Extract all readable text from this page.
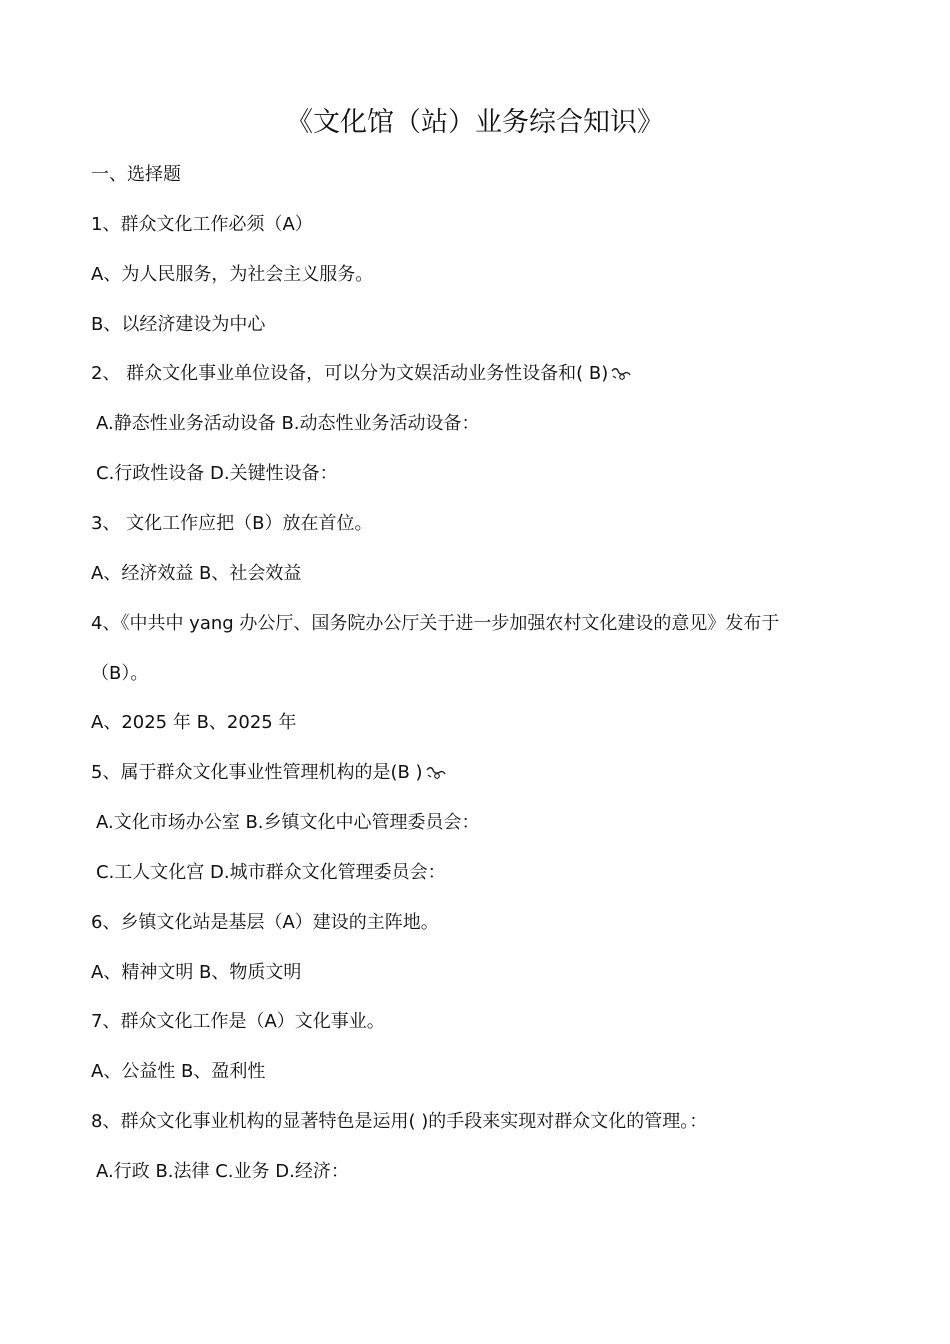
《文化馆（站）业务综合知识》
一、选择题
1、群众文化工作必须（A）
A、为人民服务，为社会主义服务。
B、以经济建设为中心
2、 群众文化事业单位设备，可以分为文娱活动业务性设备和( B)
A.静态性业务活动设备 B.动态性业务活动设备：
C.行政性设备 D.关键性设备：
3、 文化工作应把（B）放在首位。
A、经济效益 B、社会效益
4、《中共中 yang 办公厅、国务院办公厅关于进一步加强农村文化建设的意见》发布于
（B）。
A、2025 年 B、2025 年
5、属于群众文化事业性管理机构的是(B )
A.文化市场办公室 B.乡镇文化中心管理委员会：
C.工人文化宫 D.城市群众文化管理委员会：
6、乡镇文化站是基层（A）建设的主阵地。
A、精神文明 B、物质文明
7、群众文化工作是（A）文化事业。
A、公益性 B、盈利性
8、群众文化事业机构的显著特色是运用( )的手段来实现对群众文化的管理。：
A.行政 B.法律 C.业务 D.经济：
